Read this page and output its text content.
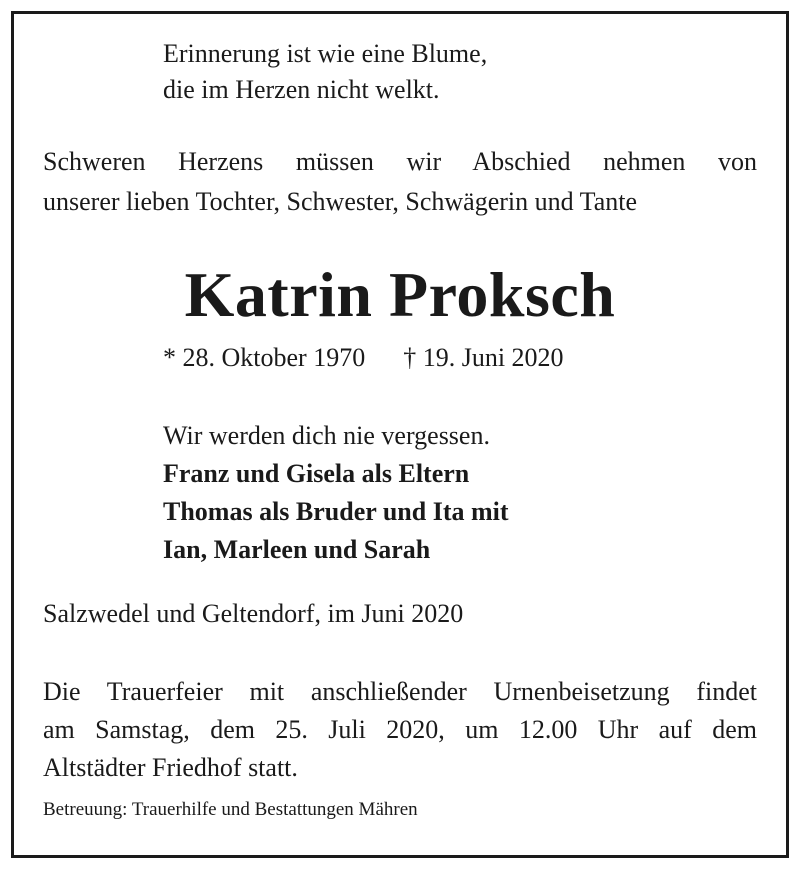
Erinnerung ist wie eine Blume,
die im Herzen nicht welkt.
Schweren Herzens müssen wir Abschied nehmen von
unserer lieben Tochter, Schwester, Schwägerin und Tante
Katrin Proksch
* 28. Oktober 1970 † 19. Juni 2020
Wir werden dich nie vergessen.
Franz und Gisela als Eltern
Thomas als Bruder und Ita mit
Ian, Marleen und Sarah
Salzwedel und Geltendorf, im Juni 2020
Die Trauerfeier mit anschließender Urnenbeisetzung findet
am Samstag, dem 25. Juli 2020, um 12.00 Uhr auf dem
Altstädter Friedhof statt.
Betreuung: Trauerhilfe und Bestattungen Mähren
